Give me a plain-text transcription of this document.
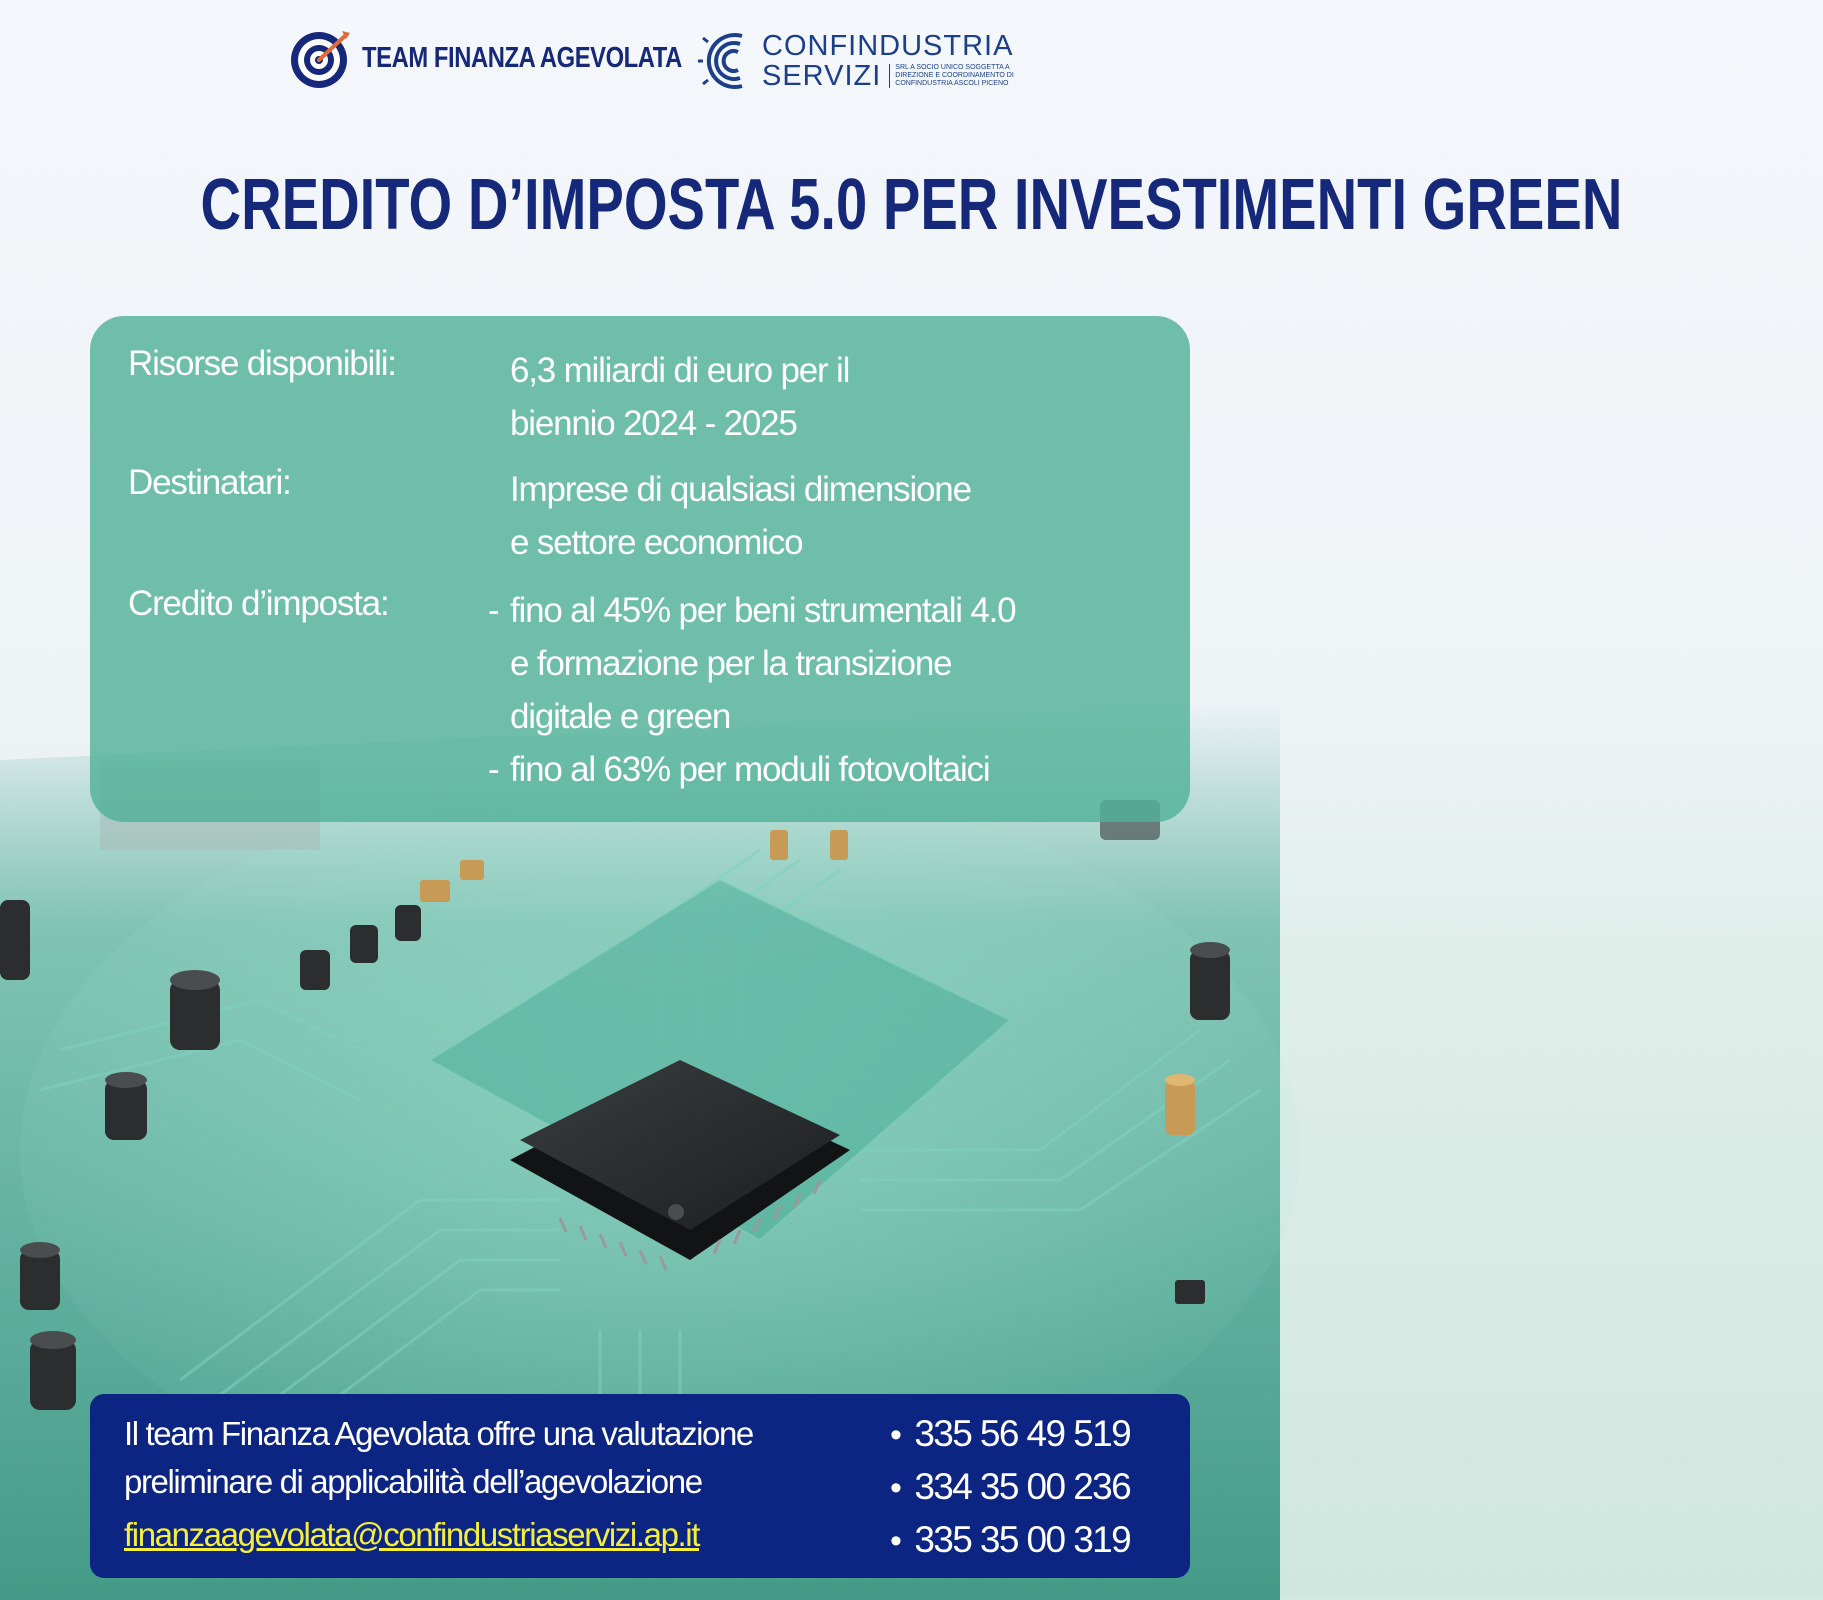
TEAM FINANZA AGEVOLATA	CONFINDUSTRIA
SERVIZI	SRL A SOCIO UNICO SOGGETTA A DIREZIONE E COORDINAMENTO DI CONFINDUSTRIA ASCOLI PICENO
CREDITO D’IMPOSTA 5.0 PER INVESTIMENTI GREEN
Risorse disponibili:	6,3 miliardi di euro per il
biennio 2024 - 2025
Destinatari:	Imprese di qualsiasi dimensione
e settore economico
Credito d’imposta:
-	fino al 45% per beni strumentali 4.0
e formazione per la transizione
digitale e green
- fino al 63% per moduli fotovoltaici
Il team Finanza Agevolata offre una valutazione
preliminare di applicabilità dell’agevolazione
finanzaagevolata@confindustriaservizi.ap.it
• 335 56 49 519
• 334 35 00 236
• 335 35 00 319
